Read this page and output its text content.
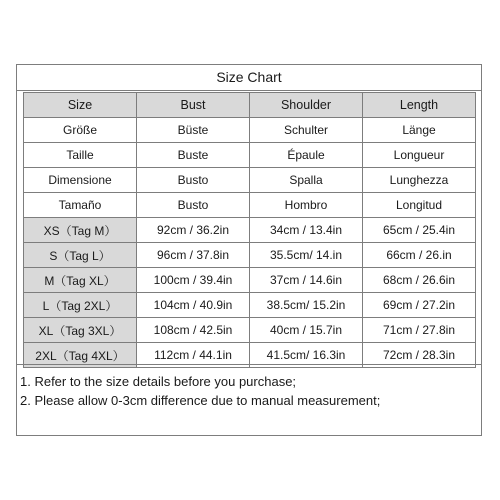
Size Chart
Size	Bust	Shoulder	Length
Größe	Büste	Schulter	Länge
Taille	Buste	Épaule	Longueur
Dimensione	Busto	Spalla	Lunghezza
Tamaño	Busto	Hombro	Longitud
XS（Tag M）	92cm / 36.2in	34cm / 13.4in	65cm / 25.4in
S（Tag L）	96cm / 37.8in	35.5cm/ 14.in	66cm / 26.in
M（Tag XL）	100cm / 39.4in	37cm / 14.6in	68cm / 26.6in
L（Tag 2XL）	104cm / 40.9in	38.5cm/ 15.2in	69cm / 27.2in
XL（Tag 3XL）	108cm / 42.5in	40cm / 15.7in	71cm / 27.8in
2XL（Tag 4XL）	112cm / 44.1in	41.5cm/ 16.3in	72cm / 28.3in
1. Refer to the size details before you purchase;
2. Please allow 0-3cm difference due to manual measurement;
